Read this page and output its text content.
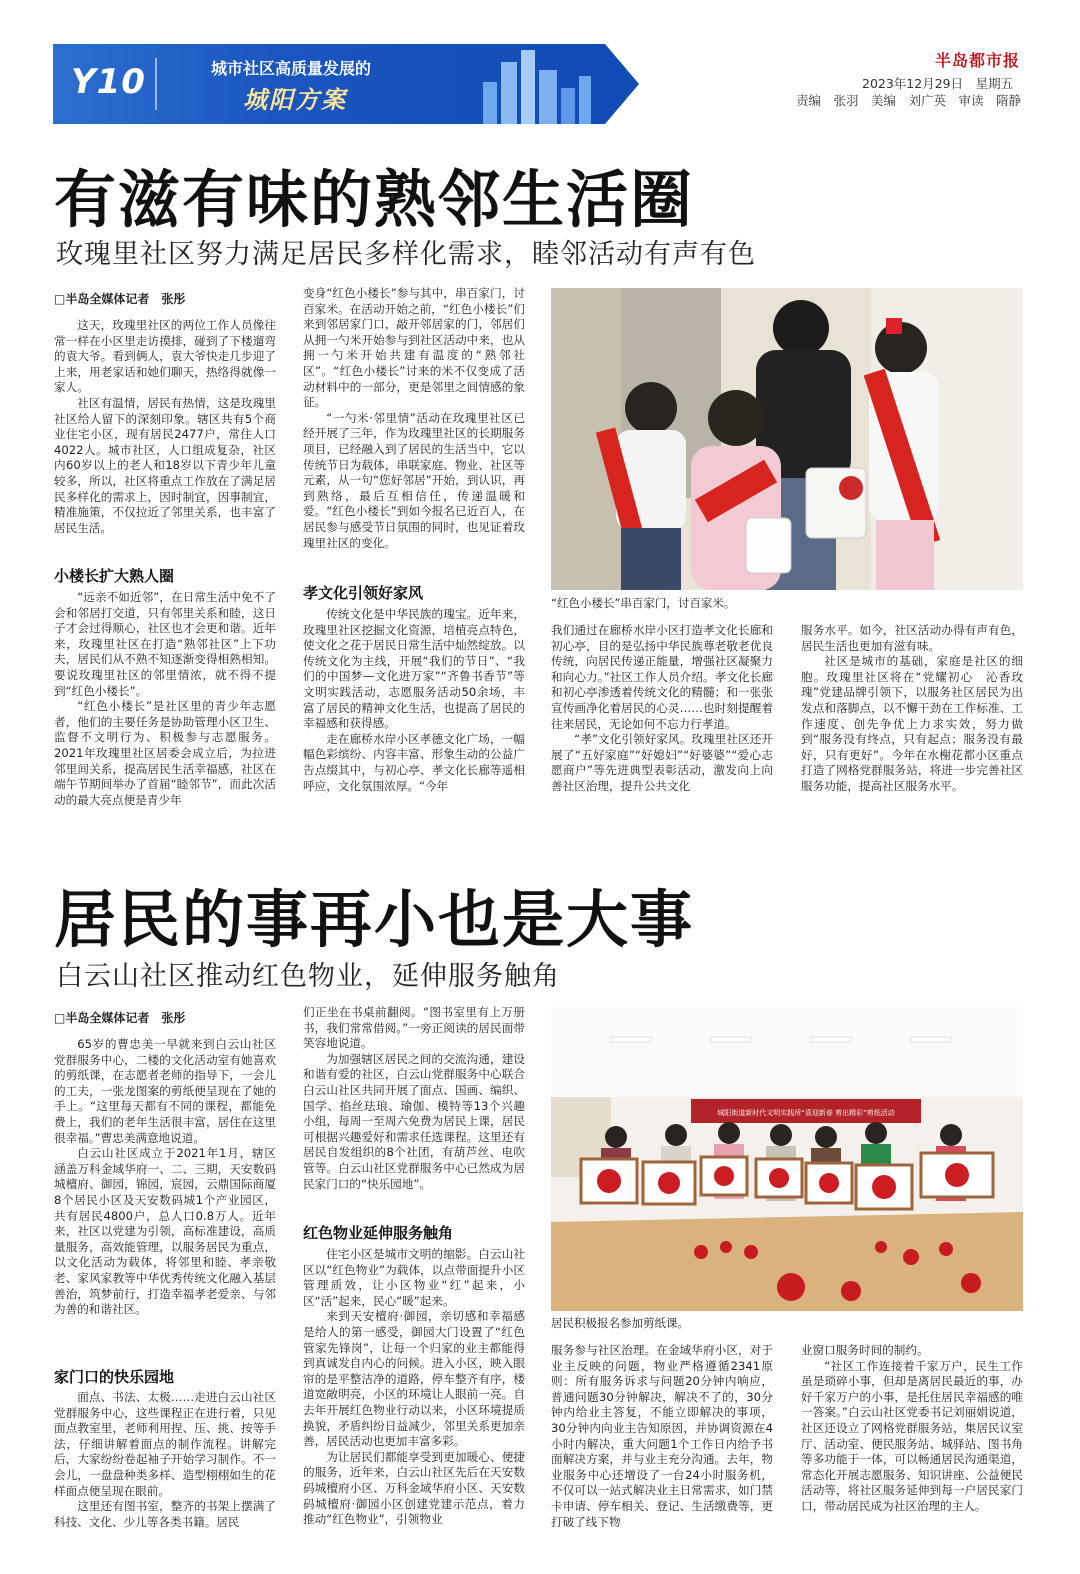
Y10	城市社区高质量发展的
城阳方案
半岛都市报
2023年12月29日　星期五
责编　张羽　美编　刘广英　审读　隋静
有滋有味的熟邻生活圈
玫瑰里社区努力满足居民多样化需求，睦邻活动有声有色
□半岛全媒体记者　张彤

这天，玫瑰里社区的两位工作人员像往常一样在小区里走访摸排，碰到了下楼遛弯的袁大爷。看到俩人，袁大爷快走几步迎了上来，用老家话和她们聊天，热络得就像一家人。

社区有温情，居民有热情，这是玫瑰里社区给人留下的深刻印象。辖区共有5个商业住宅小区，现有居民2477户，常住人口4022人。城市社区，人口组成复杂，社区内60岁以上的老人和18岁以下青少年儿童较多，所以，社区将重点工作放在了满足居民多样化的需求上，因时制宜，因事制宜，精准施策，不仅拉近了邻里关系，也丰富了居民生活。

小楼长扩大熟人圈

“远亲不如近邻”，在日常生活中免不了会和邻居打交道，只有邻里关系和睦，这日子才会过得顺心，社区也才会更和谐。近年来，玫瑰里社区在打造“熟邻社区”上下功夫，居民们从不熟不知逐渐变得相熟相知。要说玫瑰里社区的邻里情浓，就不得不提到“红色小楼长”。

“红色小楼长”是社区里的青少年志愿者，他们的主要任务是协助管理小区卫生、监督不文明行为、积极参与志愿服务。2021年玫瑰里社区居委会成立后，为拉进邻里间关系，提高居民生活幸福感，社区在端午节期间举办了首届“睦邻节”，而此次活动的最大亮点便是青少年

变身“红色小楼长”参与其中，串百家门，讨百家米。在活动开始之前，“红色小楼长”们来到邻居家门口，敲开邻居家的门，邻居们从拥一勺米开始参与到社区活动中来，也从拥一勺米开始共建有温度的“熟邻社区”。“红色小楼长”讨来的米不仅变成了活动材料中的一部分，更是邻里之间情感的象征。

“一勺米·邻里情”活动在玫瑰里社区已经开展了三年，作为玫瑰里社区的长期服务项目，已经融入到了居民的生活当中，它以传统节日为载体，串联家庭、物业、社区等元素，从一句“您好邻居”开始，到认识，再到熟络，最后互相信任，传递温暖和爱。“红色小楼长”到如今报名已近百人，在居民参与感受节日氛围的同时，也见证着玫瑰里社区的变化。

孝文化引领好家风

传统文化是中华民族的瑰宝。近年来，玫瑰里社区挖掘文化资源，培植亮点特色，使文化之花于居民日常生活中灿然绽放。以传统文化为主线，开展“我们的节日”、“我们的中国梦—文化进万家”“齐鲁书香节”等文明实践活动，志愿服务活动50余场，丰富了居民的精神文化生活，也提高了居民的幸福感和获得感。

走在廊桥水岸小区孝德文化广场，一幅幅色彩缤纷、内容丰富、形象生动的公益广告点缀其中，与初心亭、孝文化长廊等遥相呼应，文化氛围浓厚。“今年

“红色小楼长”串百家门，讨百家米。

我们通过在廊桥水岸小区打造孝文化长廊和初心亭，目的是弘扬中华民族尊老敬老优良传统，向居民传递正能量，增强社区凝聚力和向心力。”社区工作人员介绍。孝文化长廊和初心亭渗透着传统文化的精髓；和一张张宣传画净化着居民的心灵……也时刻提醒着往来居民，无论如何不忘力行孝道。

“孝”文化引领好家风。玫瑰里社区还开展了“五好家庭”“好媳妇”“好婆婆”“爱心志愿商户”等先进典型表彰活动，激发向上向善社区治理，提升公共文化

服务水平。如今，社区活动办得有声有色，居民生活也更加有滋有味。

社区是城市的基础，家庭是社区的细胞。玫瑰里社区将在“党耀初心　沁香玫瑰”党建品牌引领下，以服务社区居民为出发点和落脚点，以不懈干劲在工作标准、工作速度、创先争优上力求实效，努力做到“服务没有终点，只有起点；服务没有最好，只有更好”。今年在水榭花都小区重点打造了网格党群服务站，将进一步完善社区服务功能，提高社区服务水平。

居民的事再小也是大事
白云山社区推动红色物业，延伸服务触角
□半岛全媒体记者　张彤

65岁的曹忠美一早就来到白云山社区党群服务中心，二楼的文化活动室有她喜欢的剪纸课，在志愿者老师的指导下，一会儿的工夫，一张龙图案的剪纸便呈现在了她的手上。“这里每天都有不同的课程，都能免费上，我们的老年生活很丰富，居住在这里很幸福。”曹忠美满意地说道。

白云山社区成立于2021年1月，辖区涵盖万科金域华府一、二、三期，天安数码城檀府、御园，锦园，宸园，云鼎国际商厦8个居民小区及天安数码城1个产业园区，共有居民4800户，总人口0.8万人。近年来，社区以党建为引领，高标准建设，高质量服务，高效能管理，以服务居民为重点，以文化活动为载体，将邻里和睦、孝亲敬老、家风家教等中华优秀传统文化融入基层善治，筑梦前行，打造幸福孝老爱亲、与邻为善的和谐社区。

家门口的快乐园地

面点、书法、太极……走进白云山社区党群服务中心，这些课程正在进行着，只见面点教室里，老师利用捏、压、挑、按等手法，仔细讲解着面点的制作流程。讲解完后，大家纷纷卷起袖子开始学习制作。不一会儿，一盘盘种类多样、造型栩栩如生的花样面点便呈现在眼前。

这里还有图书室，整齐的书架上摆满了科技、文化、少儿等各类书籍。居民

们正坐在书桌前翻阅。“图书室里有上万册书，我们常常借阅。”一旁正阅读的居民面带笑容地说道。

为加强辖区居民之间的交流沟通，建设和谐有爱的社区，白云山党群服务中心联合白云山社区共同开展了面点、国画、编织、国学、掐丝珐琅、瑜伽、模特等13个兴趣小组，每周一至周六免费为居民上课，居民可根据兴趣爱好和需求任选课程。这里还有居民自发组织的8个社团，有葫芦丝、电吹管等。白云山社区党群服务中心已然成为居民家门口的“快乐园地”。

红色物业延伸服务触角

住宅小区是城市文明的缩影。白云山社区以“红色物业”为载体，以点带面提升小区管理质效，让小区物业“红”起来，小区“活”起来，民心“暖”起来。

来到天安檀府·御园，亲切感和幸福感是给人的第一感受，御园大门设置了“红色管家先锋岗”，让每一个归家的业主都能得到真诚发自内心的问候。进入小区，映入眼帘的是平整洁净的道路，停车整齐有序，楼道宽敞明亮，小区的环境让人眼前一亮。自去年开展红色物业行动以来，小区环境提质换貌，矛盾纠纷日益减少，邻里关系更加亲善，居民活动也更加丰富多彩。

为让居民们都能享受到更加暖心、便捷的服务，近年来，白云山社区先后在天安数码城檀府小区、万科金域华府小区、天安数码城檀府·御园小区创建党建示范点，着力推动“红色物业”，引领物业

城阳街道新时代文明实践所“喜迎新春 剪出精彩”剪纸活动
居民积极报名参加剪纸课。

服务参与社区治理。在金域华府小区，对于业主反映的问题，物业严格遵循2341原则：所有服务诉求与问题20分钟内响应，普通问题30分钟解决，解决不了的，30分钟内给业主答复，不能立即解决的事项，30分钟内向业主告知原因，并协调资源在4小时内解决，重大问题1个工作日内给予书面解决方案，并与业主充分沟通。去年，物业服务中心还增设了一台24小时服务机，不仅可以一站式解决业主日常需求，如门禁卡申请、停车相关、登记、生活缴费等，更打破了线下物

业窗口服务时间的制约。

“社区工作连接着千家万户，民生工作虽是琐碎小事，但却是离居民最近的事，办好千家万户的小事，是托住居民幸福感的唯一答案。”白云山社区党委书记刘丽娟说道，社区还设立了网格党群服务站，集居民议室厅、活动室、便民服务站、城驿站、图书角等多功能于一体，可以畅通居民沟通渠道，常态化开展志愿服务、知识讲座、公益便民活动等，将社区服务延伸到每一户居民家门口，带动居民成为社区治理的主人。
